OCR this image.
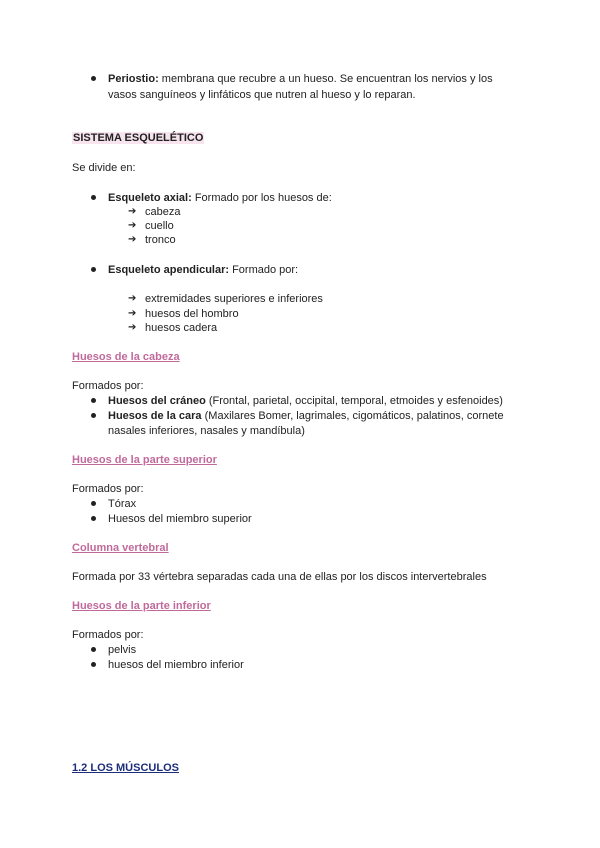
Periostio: membrana que recubre a un hueso. Se encuentran los nervios y los
vasos sanguíneos y linfáticos que nutren al hueso y lo reparan.
SISTEMA ESQUELÉTICO
Se divide en:
Esqueleto axial: Formado por los huesos de:
➔ cabeza
➔ cuello
➔ tronco
Esqueleto apendicular: Formado por:
➔ extremidades superiores e inferiores
➔ huesos del hombro
➔ huesos cadera
Huesos de la cabeza
Formados por:
Huesos del cráneo (Frontal, parietal, occipital, temporal, etmoides y esfenoides)
Huesos de la cara (Maxilares Bomer, lagrimales, cigomáticos, palatinos, cornete
nasales inferiores, nasales y mandíbula)
Huesos de la parte superior
Formados por:
Tórax
Huesos del miembro superior
Columna vertebral
Formada por 33 vértebra separadas cada una de ellas por los discos intervertebrales
Huesos de la parte inferior
Formados por:
pelvis
huesos del miembro inferior
1.2 LOS MÚSCULOS
